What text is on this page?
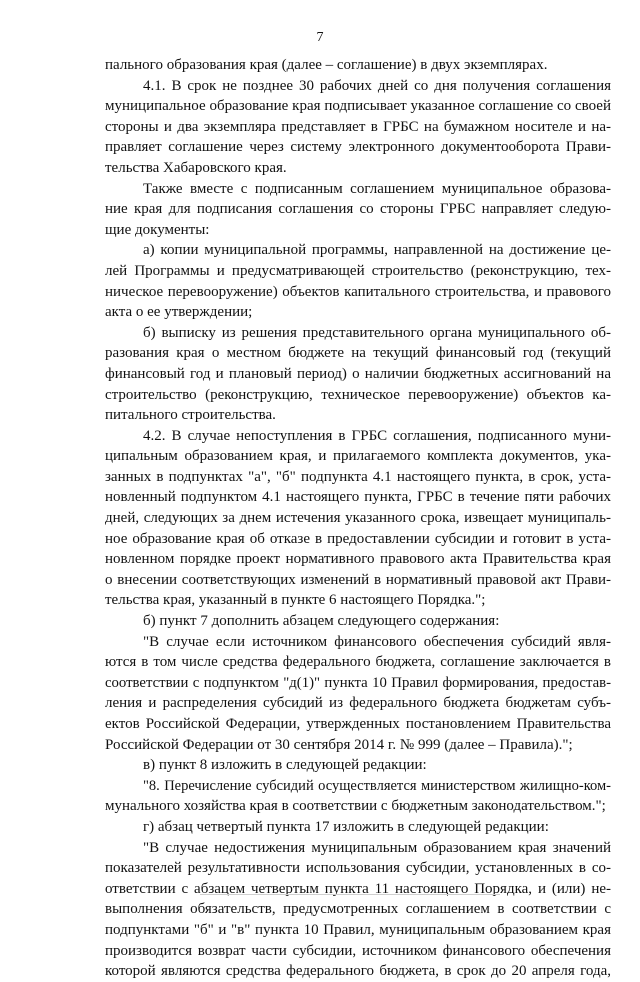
7
пального образования края (далее – соглашение) в двух экземплярах.
4.1. В срок не позднее 30 рабочих дней со дня получения соглашения
муниципальное образование края подписывает указанное соглашение со своей
стороны и два экземпляра представляет в ГРБС на бумажном носителе и на-
правляет соглашение через систему электронного документооборота Прави-
тельства Хабаровского края.
Также вместе с подписанным соглашением муниципальное образова-
ние края для подписания соглашения со стороны ГРБС направляет следую-
щие документы:
а) копии муниципальной программы, направленной на достижение це-
лей Программы и предусматривающей строительство (реконструкцию, тех-
ническое перевооружение) объектов капитального строительства, и правового
акта о ее утверждении;
б) выписку из решения представительного органа муниципального об-
разования края о местном бюджете на текущий финансовый год (текущий
финансовый год и плановый период) о наличии бюджетных ассигнований на
строительство (реконструкцию, техническое перевооружение) объектов ка-
питального строительства.
4.2. В случае непоступления в ГРБС соглашения, подписанного муни-
ципальным образованием края, и прилагаемого комплекта документов, ука-
занных в подпунктах "а", "б" подпункта 4.1 настоящего пункта, в срок, уста-
новленный подпунктом 4.1 настоящего пункта, ГРБС в течение пяти рабочих
дней, следующих за днем истечения указанного срока, извещает муниципаль-
ное образование края об отказе в предоставлении субсидии и готовит в уста-
новленном порядке проект нормативного правового акта Правительства края
о внесении соответствующих изменений в нормативный правовой акт Прави-
тельства края, указанный в пункте 6 настоящего Порядка.";
б) пункт 7 дополнить абзацем следующего содержания:
"В случае если источником финансового обеспечения субсидий явля-
ются в том числе средства федерального бюджета, соглашение заключается в
соответствии с подпунктом "д(1)" пункта 10 Правил формирования, предостав-
ления и распределения субсидий из федерального бюджета бюджетам субъ-
ектов Российской Федерации, утвержденных постановлением Правительства
Российской Федерации от 30 сентября 2014 г. № 999 (далее – Правила).";
в) пункт 8 изложить в следующей редакции:
"8. Перечисление субсидий осуществляется министерством жилищно-ком-
мунального хозяйства края в соответствии с бюджетным законодательством.";
г) абзац четвертый пункта 17 изложить в следующей редакции:
"В случае недостижения муниципальным образованием края значений
показателей результативности использования субсидии, установленных в со-
ответствии с абзацем четвертым пункта 11 настоящего Порядка, и (или) не-
выполнения обязательств, предусмотренных соглашением в соответствии с
подпунктами "б" и "в" пункта 10 Правил, муниципальным образованием края
производится возврат части субсидии, источником финансового обеспечения
которой являются средства федерального бюджета, в срок до 20 апреля года,
